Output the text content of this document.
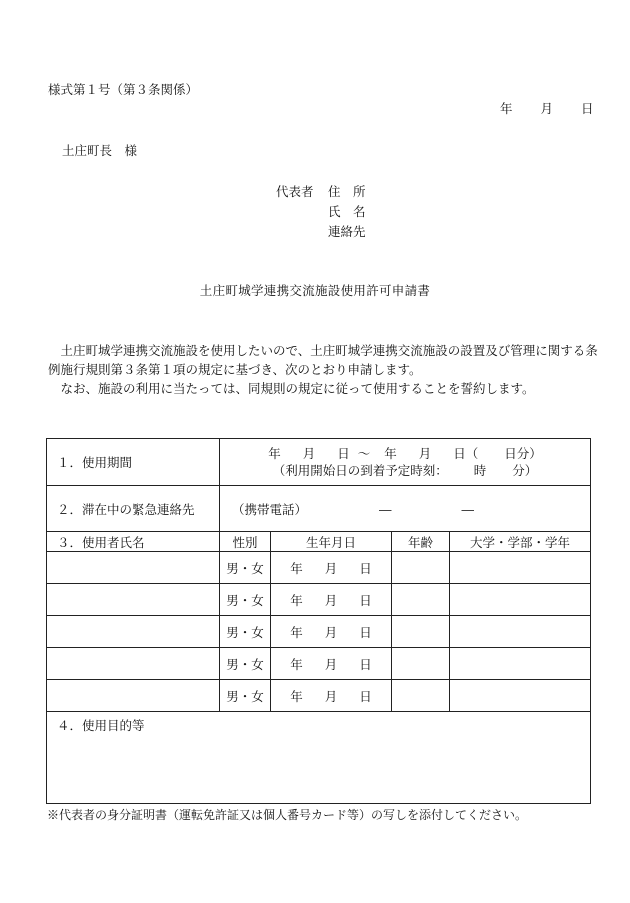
様式第１号（第３条関係）
年 月 日
土庄町長　様
代表者	住　所
氏　名
連絡先
土庄町城学連携交流施設使用許可申請書

　土庄町城学連携交流施設を使用したいので、土庄町城学連携交流施設の設置及び管理に関する条例施行規則第３条第１項の規定に基づき、次のとおり申請します。

　なお、施設の利用に当たっては、同規則の規定に従って使用することを誓約します。

１．使用期間	年 月 日 ～ 年 月 日（ 日分）
（利用開始日の到着予定時刻： 時 分）			

２．滞在中の緊急連絡先	（携帯電話） ― ―			
３．使用者氏名	性別	生年月日	年齢	大学・学部・学年
	男・女	年 月 日		
	男・女	年 月 日		
	男・女	年 月 日		
	男・女	年 月 日		
	男・女	年 月 日		
４．使用目的等				
※代表者の身分証明書（運転免許証又は個人番号カード等）の写しを添付してください。
